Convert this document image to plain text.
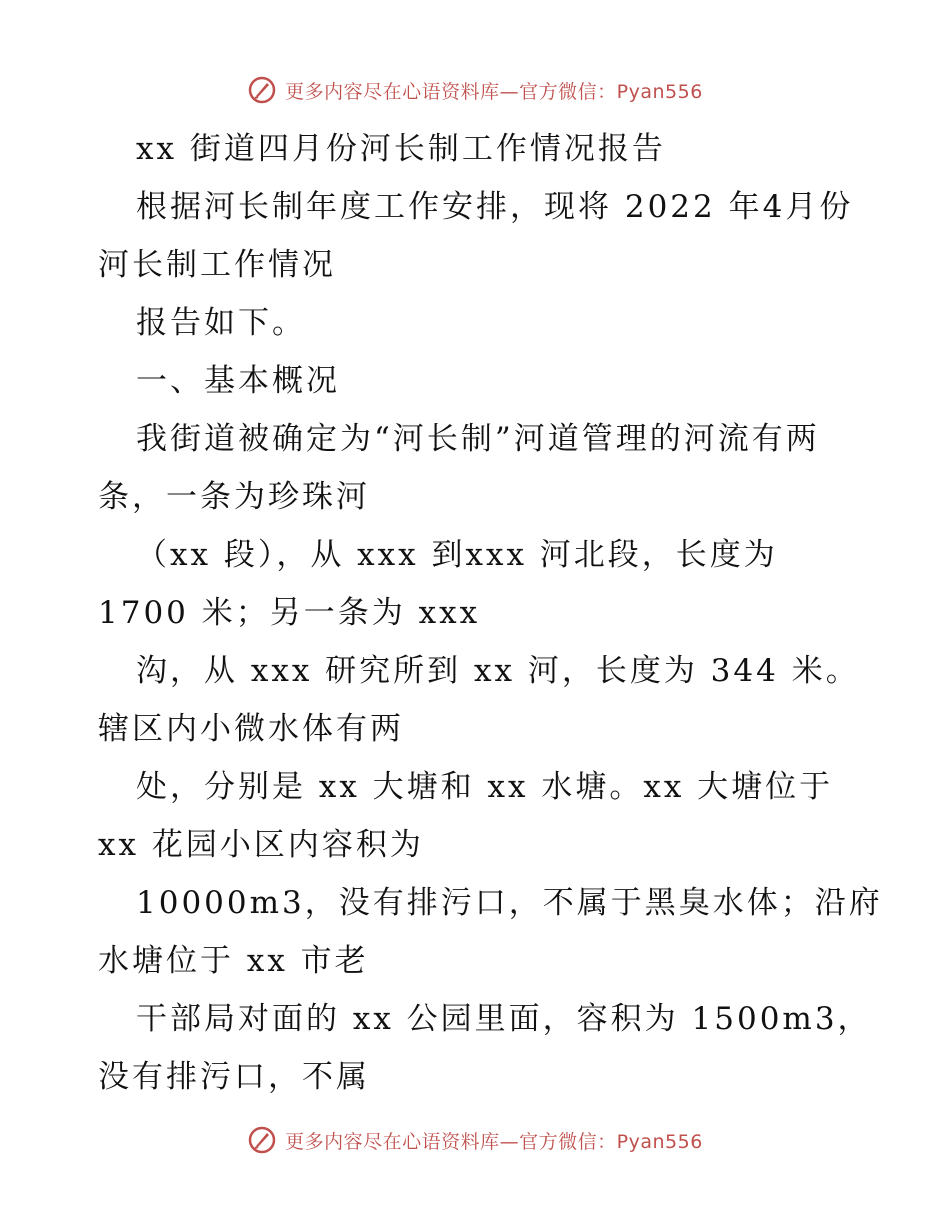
更多内容尽在心语资料库—官方微信：Pyan556
xx 街道四月份河长制工作情况报告
根据河长制年度工作安排，现将 2022 年4月份
河长制工作情况
报告如下。
一、基本概况
我街道被确定为“河长制”河道管理的河流有两
条，一条为珍珠河
（xx 段），从 xxx 到xxx 河北段，长度为
1700 米；另一条为 xxx
沟，从 xxx 研究所到 xx 河，长度为 344 米。
辖区内小微水体有两
处，分别是 xx 大塘和 xx 水塘。xx 大塘位于
xx 花园小区内容积为
10000m3，没有排污口，不属于黑臭水体；沿府
水塘位于 xx 市老
干部局对面的 xx 公园里面，容积为 1500m3，
没有排污口，不属
更多内容尽在心语资料库—官方微信：Pyan556
